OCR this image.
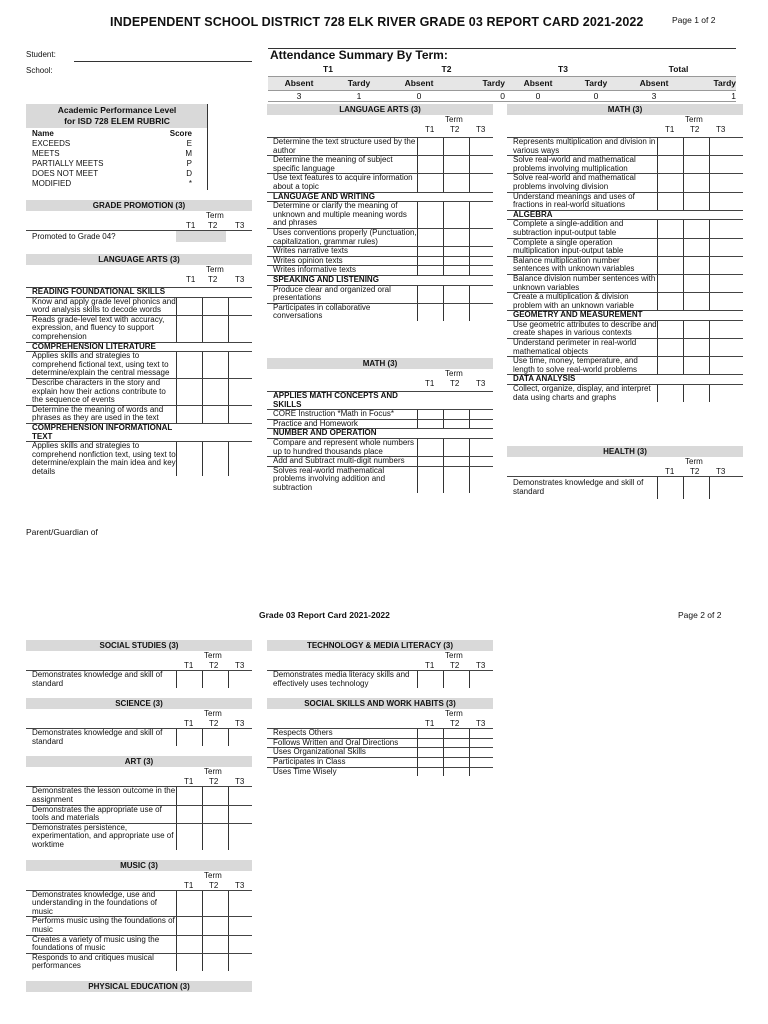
INDEPENDENT SCHOOL DISTRICT 728 ELK RIVER GRADE 03 REPORT CARD 2021-2022	Page 1 of 2
Student:
School:
Attendance Summary By Term:
T1	T2	T3	Total
Absent	Tardy	Absent	Tardy	Absent	Tardy	Absent	Tardy
3	1	0	0	0	0	3	1
Academic Performance Level
for ISD 728 ELEM RUBRIC
Name	Score
EXCEEDS	E
MEETS	M
PARTIALLY MEETS	P
DOES NOT MEET	D
MODIFIED	*
GRADE PROMOTION (3)
Term
T1 T2 T3
Promoted to Grade 04?
LANGUAGE ARTS (3)
Term
T1 T2 T3
READING FOUNDATIONAL SKILLS
Know and apply grade level phonics and word analysis skills to decode words
Reads grade-level text with accuracy, expression, and fluency to support comprehension
COMPREHENSION LITERATURE
Applies skills and strategies to comprehend fictional text, using text to determine/explain the central message
Describe characters in the story and explain how their actions contribute to the sequence of events
Determine the meaning of words and phrases as they are used in the text
COMPREHENSION INFORMATIONAL TEXT
Applies skills and strategies to comprehend nonfiction text, using text to determine/explain the main idea and key details
LANGUAGE ARTS (3)
Term
T1 T2 T3
Determine the text structure used by the author
Determine the meaning of subject specific language
Use text features to acquire information about a topic
LANGUAGE AND WRITING
Determine or clarify the meaning of unknown and multiple meaning words and phrases
Uses conventions properly (Punctuation, capitalization, grammar rules)
Writes narrative texts
Writes opinion texts
Writes informative texts
SPEAKING AND LISTENING
Produce clear and organized oral presentations
Participates in collaborative conversations
MATH (3)
Term
T1 T2 T3
APPLIES MATH CONCEPTS AND SKILLS
CORE Instruction *Math in Focus*
Practice and Homework
NUMBER AND OPERATION
Compare and represent whole numbers up to hundred thousands place
Add and Subtract multi-digit numbers
Solves real-world mathematical problems involving addition and subtraction
MATH (3)
Term
T1 T2 T3
Represents multiplication and division in various ways
Solve real-world and mathematical problems involving multiplication
Solve real-world and mathematical problems involving division
Understand meanings and uses of fractions in real-world situations
ALGEBRA
Complete a single-addition and subtraction input-output table
Complete a single operation multiplication input-output table
Balance multiplication number sentences with unknown variables
Balance division number sentences with unknown variables
Create a multiplication & division problem with an unknown variable
GEOMETRY AND MEASUREMENT
Use geometric attributes to describe and create shapes in various contexts
Understand perimeter in real-world mathematical objects
Use time, money, temperature, and length to solve real-world problems
DATA ANALYSIS
Collect, organize, display, and interpret data using charts and graphs
HEALTH (3)
Term
T1 T2 T3
Demonstrates knowledge and skill of standard
Parent/Guardian of
Grade 03 Report Card 2021-2022	Page 2 of 2
SOCIAL STUDIES (3)
Term
T1 T2 T3
Demonstrates knowledge and skill of standard
SCIENCE (3)
Term
T1 T2 T3
Demonstrates knowledge and skill of standard
ART (3)
Term
T1 T2 T3
Demonstrates the lesson outcome in the assignment
Demonstrates the appropriate use of tools and materials
Demonstrates persistence, experimentation, and appropriate use of worktime
MUSIC (3)
Term
T1 T2 T3
Demonstrates knowledge, use and understanding in the foundations of music
Performs music using the foundations of music
Creates a variety of music using the foundations of music
Responds to and critiques musical performances
PHYSICAL EDUCATION (3)
TECHNOLOGY & MEDIA LITERACY (3)
Term
T1 T2 T3
Demonstrates media literacy skills and effectively uses technology
SOCIAL SKILLS AND WORK HABITS (3)
Term
T1 T2 T3
Respects Others
Follows Written and Oral Directions
Uses Organizational Skills
Participates in Class
Uses Time Wisely
